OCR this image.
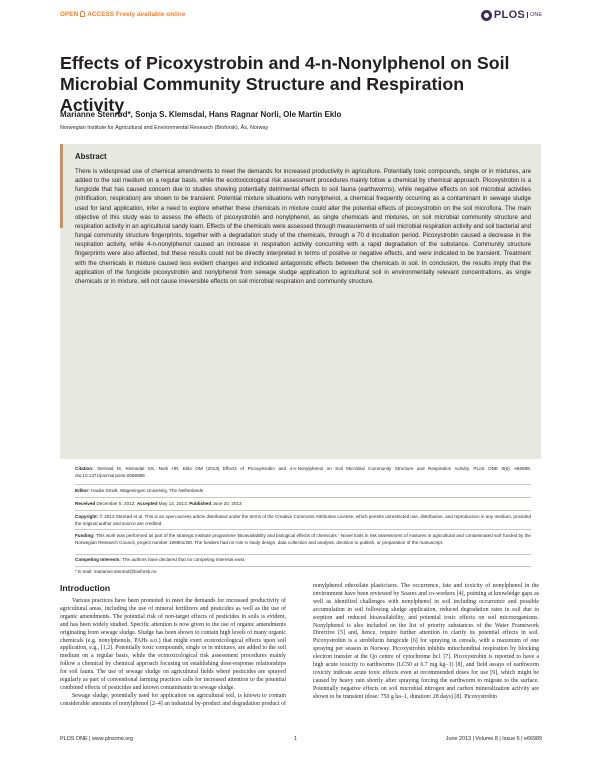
OPEN ACCESS Freely available online	PLOS ONE
Effects of Picoxystrobin and 4-n-Nonylphenol on Soil Microbial Community Structure and Respiration Activity
Marianne Stenrød*, Sonja S. Klemsdal, Hans Ragnar Norli, Ole Martin Eklo
Norwegian Institute for Agricultural and Environmental Research (Bioforsk), Ås, Norway
Abstract
There is widespread use of chemical amendments to meet the demands for increased productivity in agriculture. Potentially toxic compounds, single or in mixtures, are added to the soil medium on a regular basis, while the ecotoxicological risk assessment procedures mainly follow a chemical by chemical approach. Picoxystrobin is a fungicide that has caused concern due to studies showing potentially detrimental effects to soil fauna (earthworms), while negative effects on soil microbial activities (nitrification, respiration) are shown to be transient. Potential mixture situations with nonylphenol, a chemical frequently occurring as a contaminant in sewage sludge used for land application, infer a need to explore whether these chemicals in mixture could alter the potential effects of picoxystrobin on the soil microflora. The main objective of this study was to assess the effects of picoxystrobin and nonylphenol, as single chemicals and mixtures, on soil microbial community structure and respiration activity in an agricultural sandy loam. Effects of the chemicals were assessed through measurements of soil microbial respiration activity and soil bacterial and fungal community structure fingerprints, together with a degradation study of the chemicals, through a 70 d incubation period. Picoxystrobin caused a decrease in the respiration activity, while 4-n-nonylphenol caused an increase in respiration activity concurring with a rapid degradation of the substance. Community structure fingerprints were also affected, but these results could not be directly interpreted in terms of positive or negative effects, and were indicated to be transient. Treatment with the chemicals in mixture caused less evident changes and indicated antagonistic effects between the chemicals in soil. In conclusion, the results imply that the application of the fungicide picoxystrobin and nonylphenol from sewage sludge application to agricultural soil in environmentally relevant concentrations, as single chemicals or in mixture, will not cause irreversible effects on soil microbial respiration and community structure.
Citation: Stenrød M, Klemsdal SS, Norli HR, Eklo OM (2013) Effects of Picoxystrobin and 4-n-Nonylphenol on Soil Microbial Community Structure and Respiration Activity. PLoS ONE 8(6): e66989. doi:10.1371/journal.pone.0066989
Editor: Hauke Smidt, Wageningen University, The Netherlands
Received December 5, 2012; Accepted May 13, 2013; Published June 20, 2013
Copyright: © 2013 Stenrød et al. This is an open-access article distributed under the terms of the Creative Commons Attribution License, which permits unrestricted use, distribution, and reproduction in any medium, provided the original author and source are credited.
Funding: This work was performed as part of the strategic institute programme 'Bioavailability and biological effects of chemicals - Novel tools in risk assessment of mixtures in agricultural and contaminated soil' funded by the Norwegian Research Council, project number 186901/I30. The funders had no role in study design, data collection and analysis, decision to publish, or preparation of the manuscript.
Competing Interests: The authors have declared that no competing interests exist.
* E-mail: marianne.stenrod@bioforsk.no
Introduction

Various practices have been promoted to meet the demands for increased productivity of agricultural areas, including the use of mineral fertilizers and pesticides as well as the use of organic amendments. The potential risk of non-target effects of pesticides in soils is evident, and has been widely studied. Specific attention is now given to the use of organic amendments originating from sewage sludge. Sludge has been shown to contain high levels of many organic chemicals (e.g. nonylphenols, PAHs a.o.) that might exert ecotoxicological effects upon soil application, e.g., [1,2]. Potentially toxic compounds, single or in mixtures, are added to the soil medium on a regular basis, while the ecotoxicological risk assessment procedures mainly follow a chemical by chemical approach focusing on establishing dose-response relationships for soil fauna. The use of sewage sludge on agricultural fields where pesticides are sprayed regularly as part of conventional farming practices calls for increased attention to the potential combined effects of pesticides and known contaminants in sewage sludge.

Sewage sludge, potentially used for application on agricultural soil, is known to contain considerable amounts of nonylphenol [2–4] an industrial by-product and degradation product of

nonylphenol ethoxilate plasticisers. The occurrence, fate and toxicity of nonylphenol in the environment have been reviewed by Soares and co-workers [4], pointing at knowledge gaps as well as identified challenges with nonylphenol in soil including occurrence and possible accumulation in soil following sludge application, reduced degradation rates in soil due to sorption and reduced bioavailability, and potential toxic effects on soil microorganisms. Nonylphenol is also included on the list of priority substances of the Water Framework Directive [5] and, hence, require further attention to clarify its potential effects in soil. Picoxystrobin is a strobilurin fungicide [6] for spraying in cereals, with a maximum of one spraying per season in Norway. Picoxystrobin inhibits mitochondrial respiration by blocking electron transfer at the Qo centre of cytochrome bc1 [7]. Picoxystrobin is reported to have a high acute toxicity to earthworms (LC50 at 6.7 mg kg−1) [8], and field assays of earthworm toxicity indicate acute toxic effects even at recommended doses for use [9], which might be caused by heavy rain shortly after spraying forcing the earthworm to migrate to the surface. Potentially negative effects on soil microbial nitrogen and carbon mineralization activity are shown to be transient (dose: 750 g ha−1, duration: 28 days) [8]. Picoxystrobin

PLOS ONE | www.plosone.org	1	June 2013 | Volume 8 | Issue 6 | e66989
